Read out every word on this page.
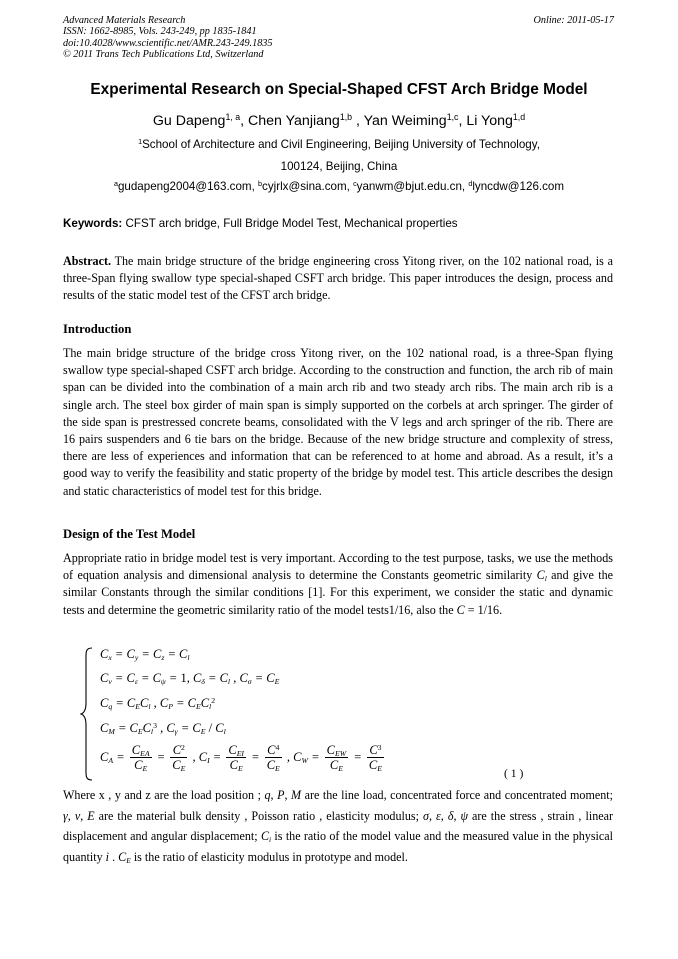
Advanced Materials Research
ISSN: 1662-8985, Vols. 243-249, pp 1835-1841
doi:10.4028/www.scientific.net/AMR.243-249.1835
© 2011 Trans Tech Publications Ltd, Switzerland
Online: 2011-05-17
Experimental Research on Special-Shaped CFST Arch Bridge Model
Gu Dapeng$^{1, a}$, Chen Yanjiang$^{1,b}$ , Yan Weiming$^{1,c}$, Li Yong$^{1,d}$
$^1$School of Architecture and Civil Engineering, Beijing University of Technology,
100124, Beijing, China
$^a$gudapeng2004@163.com, $^b$cyjrlx@sina.com, $^c$yanwm@bjut.edu.cn, $^d$lyncdw@126.com
Keywords: CFST arch bridge, Full Bridge Model Test, Mechanical properties

Abstract. The main bridge structure of the bridge engineering cross Yitong river, on the 102 national road, is a three-Span flying swallow type special-shaped CSFT arch bridge. This paper introduces the design, process and results of the static model test of the CFST arch bridge.

Introduction

The main bridge structure of the bridge cross Yitong river, on the 102 national road, is a three-Span flying swallow type special-shaped CSFT arch bridge. According to the construction and function, the arch rib of main span can be divided into the combination of a main arch rib and two steady arch ribs. The main arch rib is a single arch. The steel box girder of main span is simply supported on the corbels at arch springer. The girder of the side span is prestressed concrete beams, consolidated with the V legs and arch springer of the rib. There are 16 pairs suspenders and 6 tie bars on the bridge. Because of the new bridge structure and complexity of stress, there are less of experiences and information that can be referenced to at home and abroad. As a result, it’s a good way to verify the feasibility and static property of the bridge by model test. This article describes the design and static characteristics of model test for this bridge.

Design of the Test Model

Appropriate ratio in bridge model test is very important. According to the test purpose, tasks, we use the methods of equation analysis and dimensional analysis to determine the Constants geometric similarity $C_l$ and give the similar Constants through the similar conditions [1]. For this experiment, we consider the static and dynamic tests and determine the geometric similarity ratio of the model tests1/16, also the C = 1/16.

$C_x = C_y = C_z = C_l$
$C_\nu = C_\varepsilon = C_\psi = 1$, $C_\delta = C_l$ , $C_\sigma = C_E$
$C_q = C_EC_l$ , $C_P = C_EC_l^2$
$C_M = C_EC_l^3$ , $C_\gamma = C_E / C_l$
$C_A = \frac{C_{EA}}{C_E} = \frac{C^2}{C_E}$ , $C_I = \frac{C_{EI}}{C_E} = \frac{C^4}{C_E}$ , $C_W = \frac{C_{EW}}{C_E} = \frac{C^3}{C_E}$
( 1 )

Where x , y and z are the load position ; q, P, M are the line load, concentrated force and concentrated moment; γ, ν, E are the material bulk density , Poisson ratio , elasticity modulus; σ, ε, δ, ψ are the stress , strain , linear displacement and angular displacement; $C_i$ is the ratio of the model value and the measured value in the physical quantity i . $C_E$ is the ratio of elasticity modulus in prototype and model.
